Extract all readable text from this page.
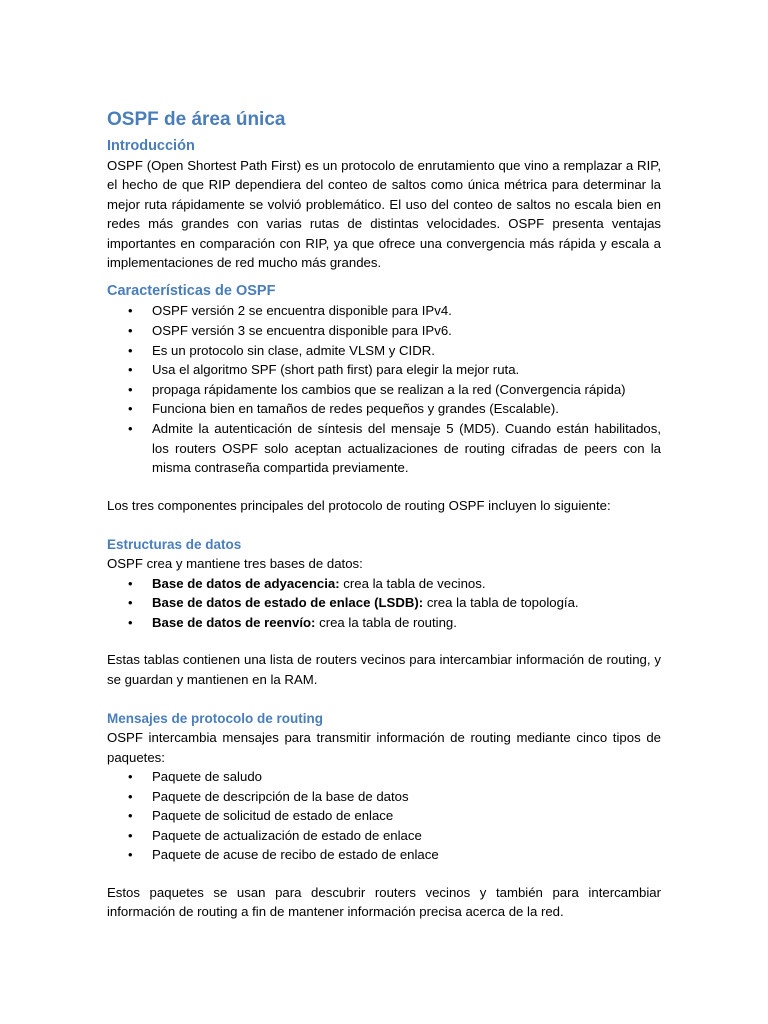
OSPF de área única
Introducción

OSPF (Open Shortest Path First) es un protocolo de enrutamiento que vino a remplazar a RIP, el hecho de que RIP dependiera del conteo de saltos como única métrica para determinar la mejor ruta rápidamente se volvió problemático. El uso del conteo de saltos no escala bien en redes más grandes con varias rutas de distintas velocidades. OSPF presenta ventajas importantes en comparación con RIP, ya que ofrece una convergencia más rápida y escala a implementaciones de red mucho más grandes.

Características de OSPF
• OSPF versión 2 se encuentra disponible para IPv4.
• OSPF versión 3 se encuentra disponible para IPv6.
• Es un protocolo sin clase, admite VLSM y CIDR.
• Usa el algoritmo SPF (short path first) para elegir la mejor ruta.
• propaga rápidamente los cambios que se realizan a la red (Convergencia rápida)
• Funciona bien en tamaños de redes pequeños y grandes (Escalable).
• Admite la autenticación de síntesis del mensaje 5 (MD5). Cuando están habilitados, los routers OSPF solo aceptan actualizaciones de routing cifradas de peers con la misma contraseña compartida previamente.

Los tres componentes principales del protocolo de routing OSPF incluyen lo siguiente:

Estructuras de datos

OSPF crea y mantiene tres bases de datos:

• Base de datos de adyacencia: crea la tabla de vecinos.
• Base de datos de estado de enlace (LSDB): crea la tabla de topología.
• Base de datos de reenvío: crea la tabla de routing.

Estas tablas contienen una lista de routers vecinos para intercambiar información de routing, y se guardan y mantienen en la RAM.

Mensajes de protocolo de routing

OSPF intercambia mensajes para transmitir información de routing mediante cinco tipos de paquetes:

• Paquete de saludo
• Paquete de descripción de la base de datos
• Paquete de solicitud de estado de enlace
• Paquete de actualización de estado de enlace
• Paquete de acuse de recibo de estado de enlace

Estos paquetes se usan para descubrir routers vecinos y también para intercambiar información de routing a fin de mantener información precisa acerca de la red.
